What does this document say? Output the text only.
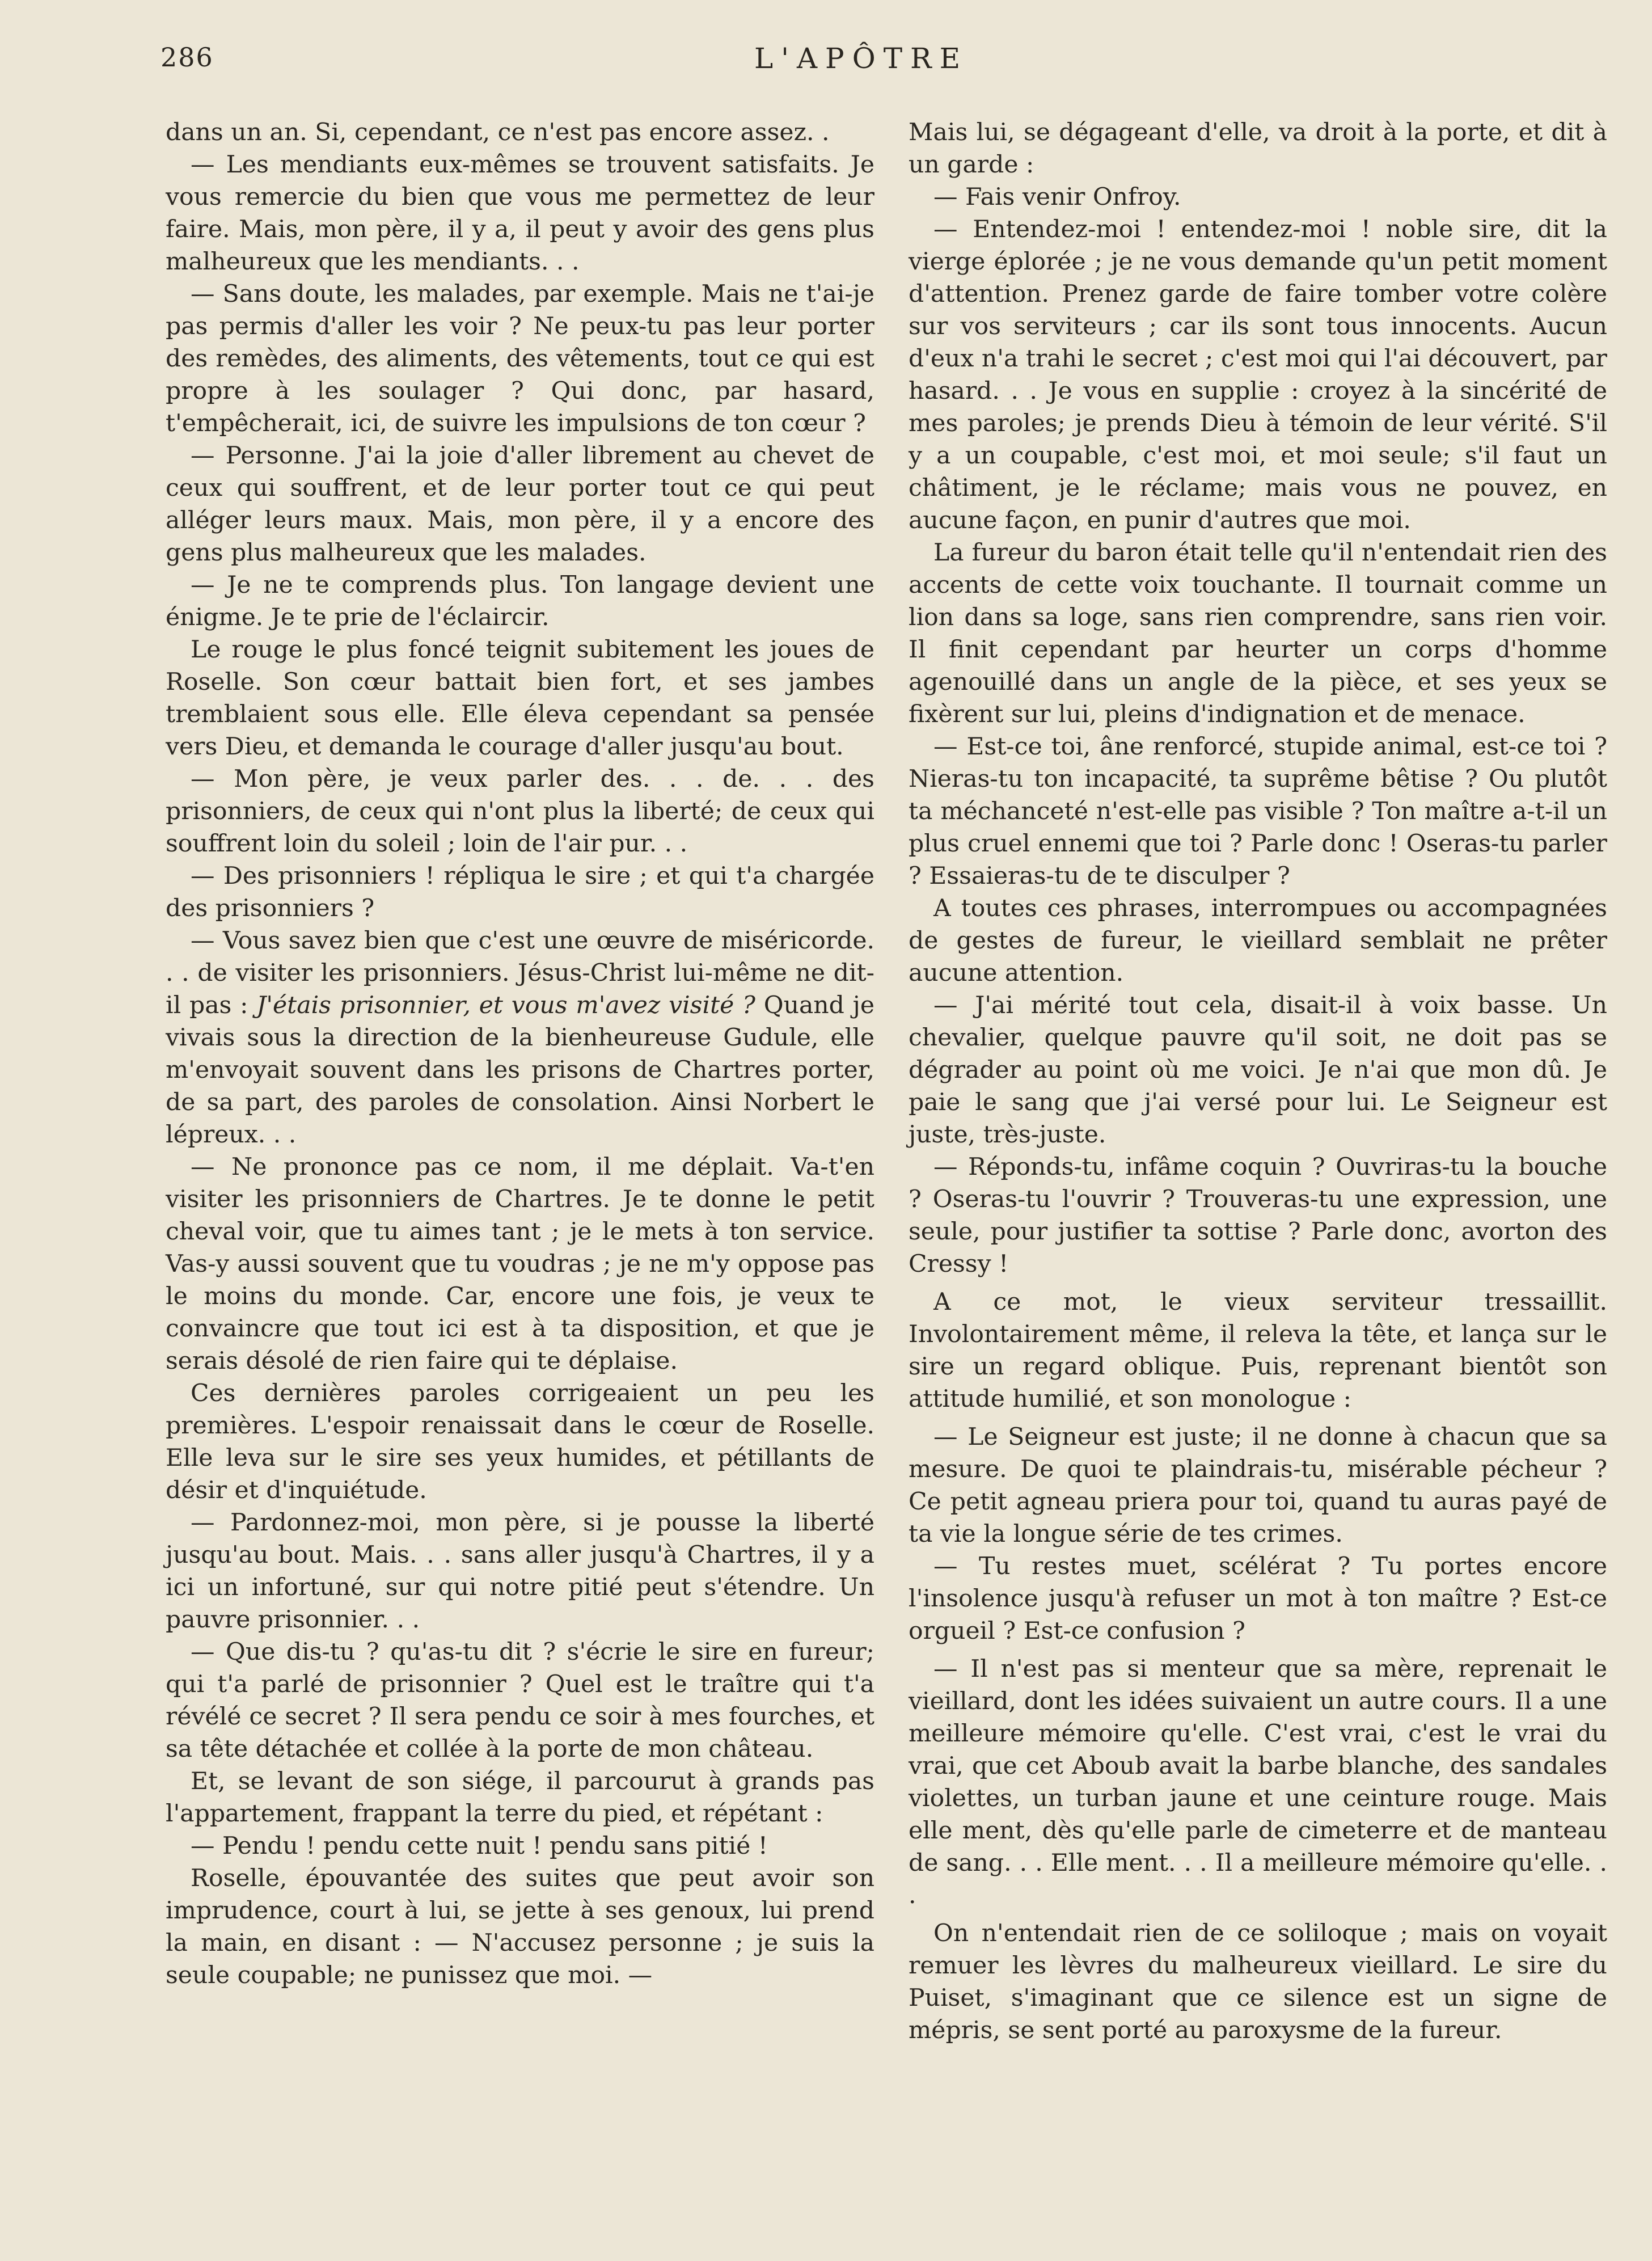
286	L'APÔTRE

dans un an. Si, cependant, ce n'est pas encore assez. .

— Les mendiants eux-mêmes se trouvent satisfaits. Je vous remercie du bien que vous me permettez de leur faire. Mais, mon père, il y a, il peut y avoir des gens plus malheureux que les mendiants. . .

— Sans doute, les malades, par exemple. Mais ne t'ai-je pas permis d'aller les voir ? Ne peux-tu pas leur porter des remèdes, des aliments, des vêtements, tout ce qui est propre à les soulager ? Qui donc, par hasard, t'empêcherait, ici, de suivre les impulsions de ton cœur ?

— Personne. J'ai la joie d'aller librement au chevet de ceux qui souffrent, et de leur porter tout ce qui peut alléger leurs maux. Mais, mon père, il y a encore des gens plus malheureux que les malades.

— Je ne te comprends plus. Ton langage devient une énigme. Je te prie de l'éclaircir.

Le rouge le plus foncé teignit subitement les joues de Roselle. Son cœur battait bien fort, et ses jambes tremblaient sous elle. Elle éleva cependant sa pensée vers Dieu, et demanda le courage d'aller jusqu'au bout.

— Mon père, je veux parler des. . . de. . . des prisonniers, de ceux qui n'ont plus la liberté; de ceux qui souffrent loin du soleil ; loin de l'air pur. . .

— Des prisonniers ! répliqua le sire ; et qui t'a chargée des prisonniers ?

— Vous savez bien que c'est une œuvre de miséricorde. . . de visiter les prisonniers. Jésus-Christ lui-même ne dit-il pas : J'étais prisonnier, et vous m'avez visité ? Quand je vivais sous la direction de la bienheureuse Gudule, elle m'envoyait souvent dans les prisons de Chartres porter, de sa part, des paroles de consolation. Ainsi Norbert le lépreux. . .

— Ne prononce pas ce nom, il me déplait. Va-t'en visiter les prisonniers de Chartres. Je te donne le petit cheval voir, que tu aimes tant ; je le mets à ton service. Vas-y aussi souvent que tu voudras ; je ne m'y oppose pas le moins du monde. Car, encore une fois, je veux te convaincre que tout ici est à ta disposition, et que je serais désolé de rien faire qui te déplaise.

Ces dernières paroles corrigeaient un peu les premières. L'espoir renaissait dans le cœur de Roselle. Elle leva sur le sire ses yeux humides, et pétillants de désir et d'inquiétude.

— Pardonnez-moi, mon père, si je pousse la liberté jusqu'au bout. Mais. . . sans aller jusqu'à Chartres, il y a ici un infortuné, sur qui notre pitié peut s'étendre. Un pauvre prisonnier. . .

— Que dis-tu ? qu'as-tu dit ? s'écrie le sire en fureur; qui t'a parlé de prisonnier ? Quel est le traître qui t'a révélé ce secret ? Il sera pendu ce soir à mes fourches, et sa tête détachée et collée à la porte de mon château.

Et, se levant de son siége, il parcourut à grands pas l'appartement, frappant la terre du pied, et répétant :

— Pendu ! pendu cette nuit ! pendu sans pitié !

Roselle, épouvantée des suites que peut avoir son imprudence, court à lui, se jette à ses genoux, lui prend la main, en disant : — N'accusez personne ; je suis la seule coupable; ne punissez que moi. —

Mais lui, se dégageant d'elle, va droit à la porte, et dit à un garde :

— Fais venir Onfroy.

— Entendez-moi ! entendez-moi ! noble sire, dit la vierge éplorée ; je ne vous demande qu'un petit moment d'attention. Prenez garde de faire tomber votre colère sur vos serviteurs ; car ils sont tous innocents. Aucun d'eux n'a trahi le secret ; c'est moi qui l'ai découvert, par hasard. . . Je vous en supplie : croyez à la sincérité de mes paroles; je prends Dieu à témoin de leur vérité. S'il y a un coupable, c'est moi, et moi seule; s'il faut un châtiment, je le réclame; mais vous ne pouvez, en aucune façon, en punir d'autres que moi.

La fureur du baron était telle qu'il n'entendait rien des accents de cette voix touchante. Il tournait comme un lion dans sa loge, sans rien comprendre, sans rien voir. Il finit cependant par heurter un corps d'homme agenouillé dans un angle de la pièce, et ses yeux se fixèrent sur lui, pleins d'indignation et de menace.

— Est-ce toi, âne renforcé, stupide animal, est-ce toi ? Nieras-tu ton incapacité, ta suprême bêtise ? Ou plutôt ta méchanceté n'est-elle pas visible ? Ton maître a-t-il un plus cruel ennemi que toi ? Parle donc ! Oseras-tu parler ? Essaieras-tu de te disculper ?

A toutes ces phrases, interrompues ou accompagnées de gestes de fureur, le vieillard semblait ne prêter aucune attention.

— J'ai mérité tout cela, disait-il à voix basse. Un chevalier, quelque pauvre qu'il soit, ne doit pas se dégrader au point où me voici. Je n'ai que mon dû. Je paie le sang que j'ai versé pour lui. Le Seigneur est juste, très-juste.

— Réponds-tu, infâme coquin ? Ouvriras-tu la bouche ? Oseras-tu l'ouvrir ? Trouveras-tu une expression, une seule, pour justifier ta sottise ? Parle donc, avorton des Cressy !

A ce mot, le vieux serviteur tressaillit. Involontairement même, il releva la tête, et lança sur le sire un regard oblique. Puis, reprenant bientôt son attitude humilié, et son monologue :

— Le Seigneur est juste; il ne donne à chacun que sa mesure. De quoi te plaindrais-tu, misérable pécheur ? Ce petit agneau priera pour toi, quand tu auras payé de ta vie la longue série de tes crimes.

— Tu restes muet, scélérat ? Tu portes encore l'insolence jusqu'à refuser un mot à ton maître ? Est-ce orgueil ? Est-ce confusion ?

— Il n'est pas si menteur que sa mère, reprenait le vieillard, dont les idées suivaient un autre cours. Il a une meilleure mémoire qu'elle. C'est vrai, c'est le vrai du vrai, que cet Aboub avait la barbe blanche, des sandales violettes, un turban jaune et une ceinture rouge. Mais elle ment, dès qu'elle parle de cimeterre et de manteau de sang. . . Elle ment. . . Il a meilleure mémoire qu'elle. . .

On n'entendait rien de ce soliloque ; mais on voyait remuer les lèvres du malheureux vieillard. Le sire du Puiset, s'imaginant que ce silence est un signe de mépris, se sent porté au paroxysme de la fureur.
